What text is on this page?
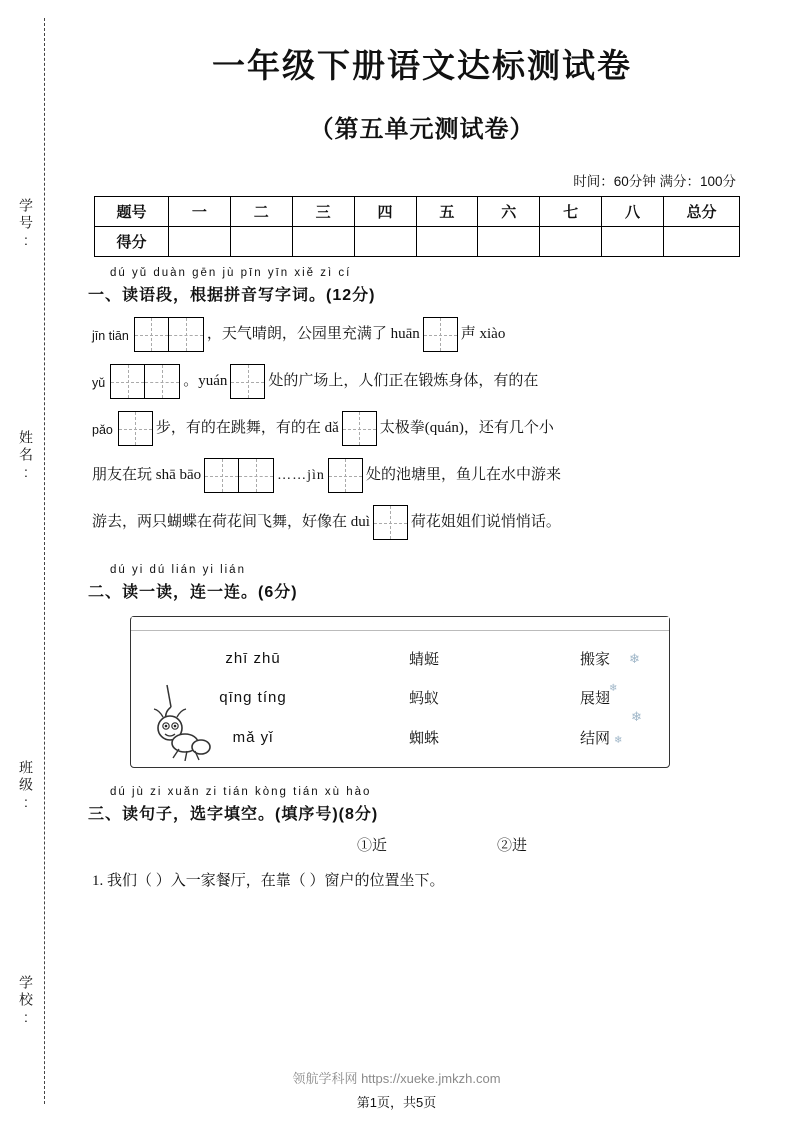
学号:
姓名:
班级:
学校:
一年级下册语文达标测试卷
（第五单元测试卷）
时间：60分钟 满分：100分
题号	一	二	三	四	五	六	七	八	总分
得分									
dú yǔ duàn gēn jù pīn yīn xiě zì cí
一、读语段，根据拼音写字词。(12分)
jīn tiān	，天气晴朗，公园里充满了 huān	声 xiào
yǔ	。yuán	处的广场上，人们正在锻炼身体，有的在
pǎo	步，有的在跳舞，有的在 dǎ	太极拳(quán)，还有几个小
朋友在玩 shā bāo	……jìn	处的池塘里，鱼儿在水中游来
游去，两只蝴蝶在荷花间飞舞，好像在 duì	荷花姐姐们说悄悄话。
dú yi dú lián yi lián
二、读一读，连一连。(6分)
❄
❄
❄
❄
zhī zhū
qīng tíng
mǎ yǐ
蜻蜓
蚂蚁
蜘蛛
搬家
展翅
结网
dú jù zi xuǎn zi tián kòng tián xù hào
三、读句子，选字填空。(填序号)(8分)
①近	②进
1. 我们（ ）入一家餐厅，在靠（ ）窗户的位置坐下。
领航学科网 https://xueke.jmkzh.com
第1页，共5页
